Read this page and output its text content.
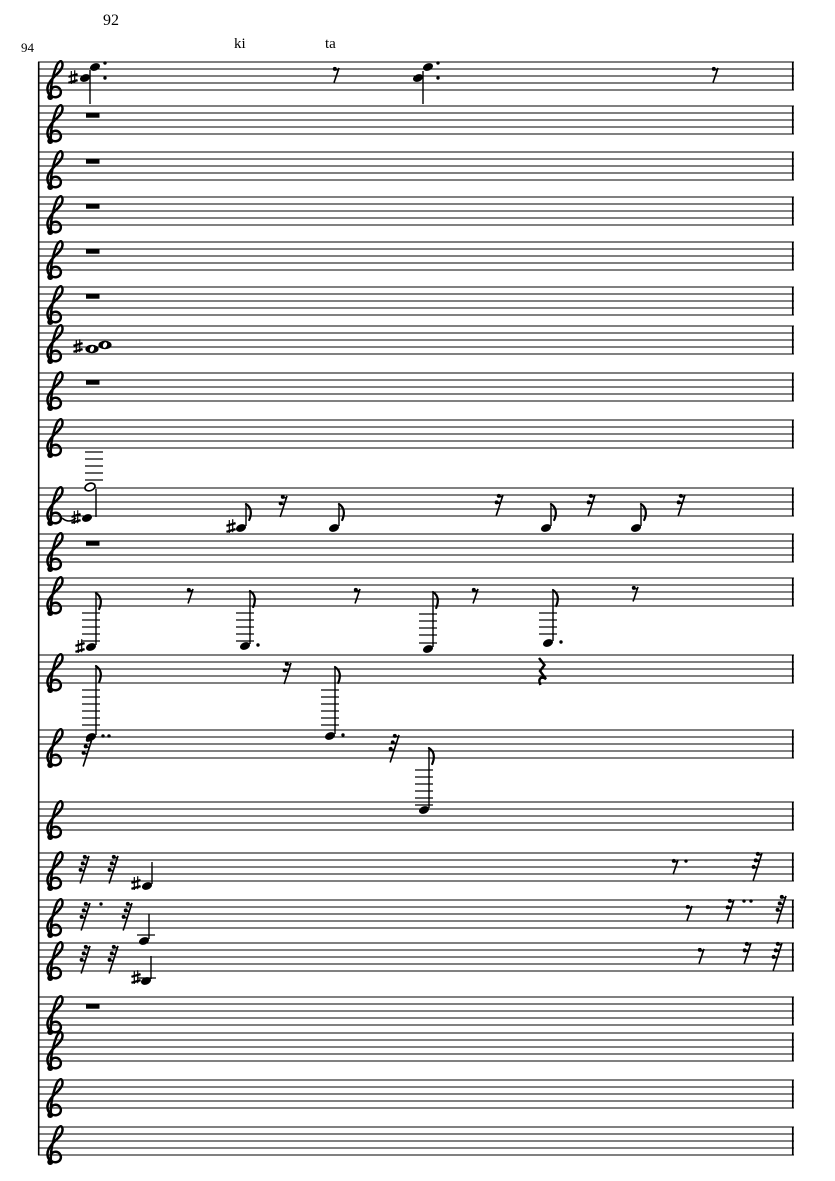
92
94	ki	ta
